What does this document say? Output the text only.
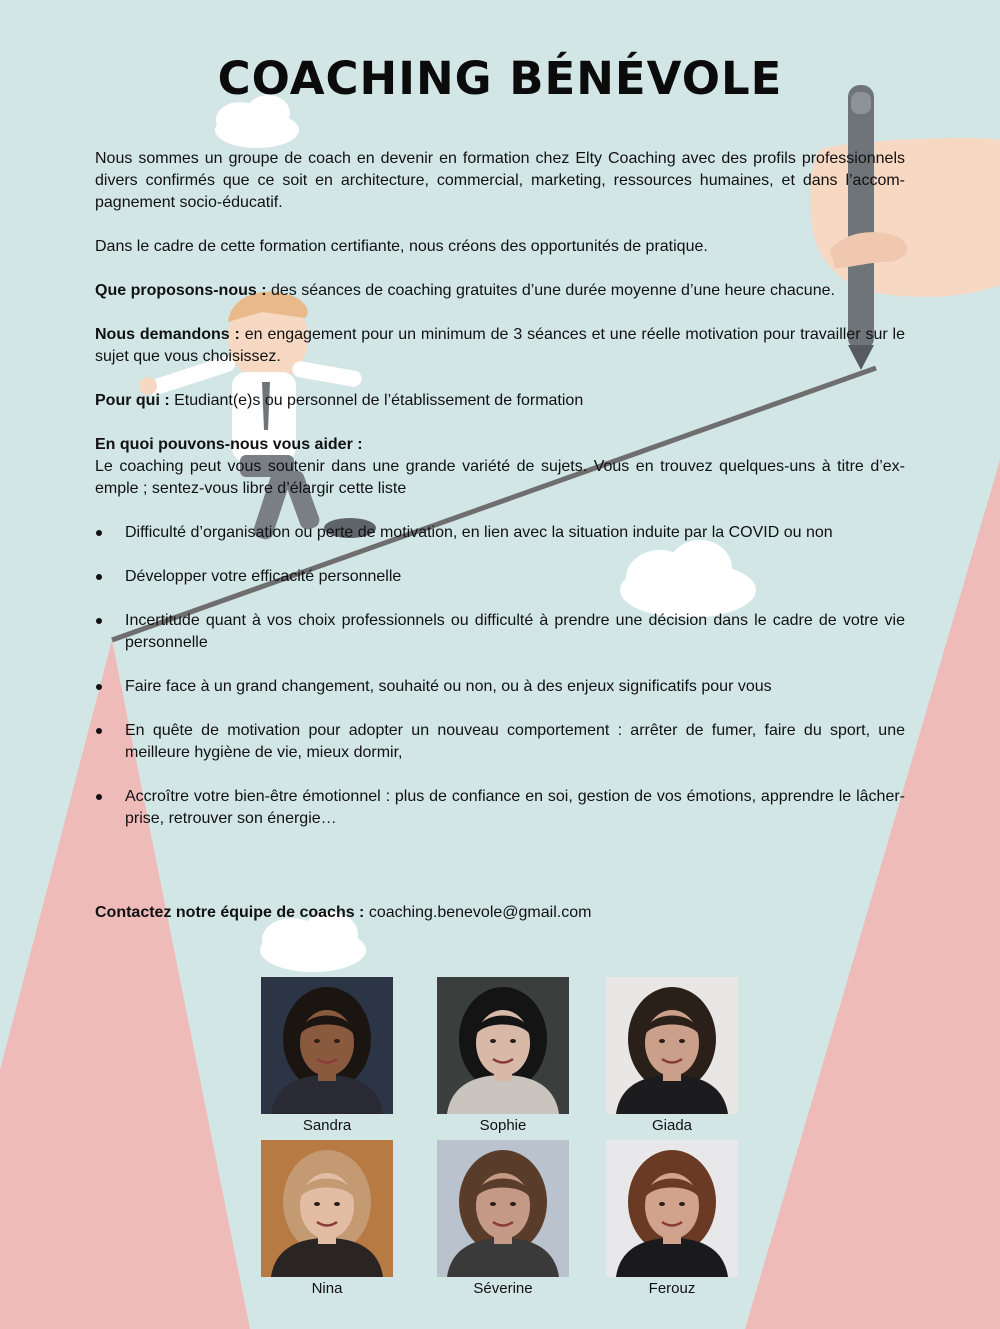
COACHING BÉNÉVOLE

Nous sommes un groupe de coach en devenir en formation chez Elty Coaching avec des profils professionnels divers confirmés que ce soit en architecture, commercial, marketing, ressources humaines, et dans l’accom-pagnement socio-éducatif.

Dans le cadre de cette formation certifiante, nous créons des opportunités de pratique.

Que proposons-nous : des séances de coaching gratuites d’une durée moyenne d’une heure chacune.

Nous demandons : en engagement pour un minimum de 3 séances et une réelle motivation pour travailler sur le sujet que vous choisissez.

Pour qui : Etudiant(e)s ou personnel de l’établissement de formation

En quoi pouvons-nous vous aider :
Le coaching peut vous soutenir dans une grande variété de sujets. Vous en trouvez quelques-uns à titre d’ex-emple ; sentez-vous libre d’élargir cette liste
Difficulté d’organisation ou perte de motivation, en lien avec la situation induite par la COVID ou non
Développer votre efficacité personnelle
Incertitude quant à vos choix professionnels ou difficulté à prendre une décision dans le cadre de votre vie personnelle
Faire face à un grand changement, souhaité ou non, ou à des enjeux significatifs pour vous
En quête de motivation pour adopter un nouveau comportement : arrêter de fumer, faire du sport, une meilleure hygiène de vie, mieux dormir,
Accroître votre bien-être émotionnel : plus de confiance en soi, gestion de vos émotions, apprendre le lâcher-prise, retrouver son énergie…
Contactez notre équipe de coachs : coaching.benevole@gmail.com
Sandra	Sophie	Giada
Nina	Séverine	Ferouz
